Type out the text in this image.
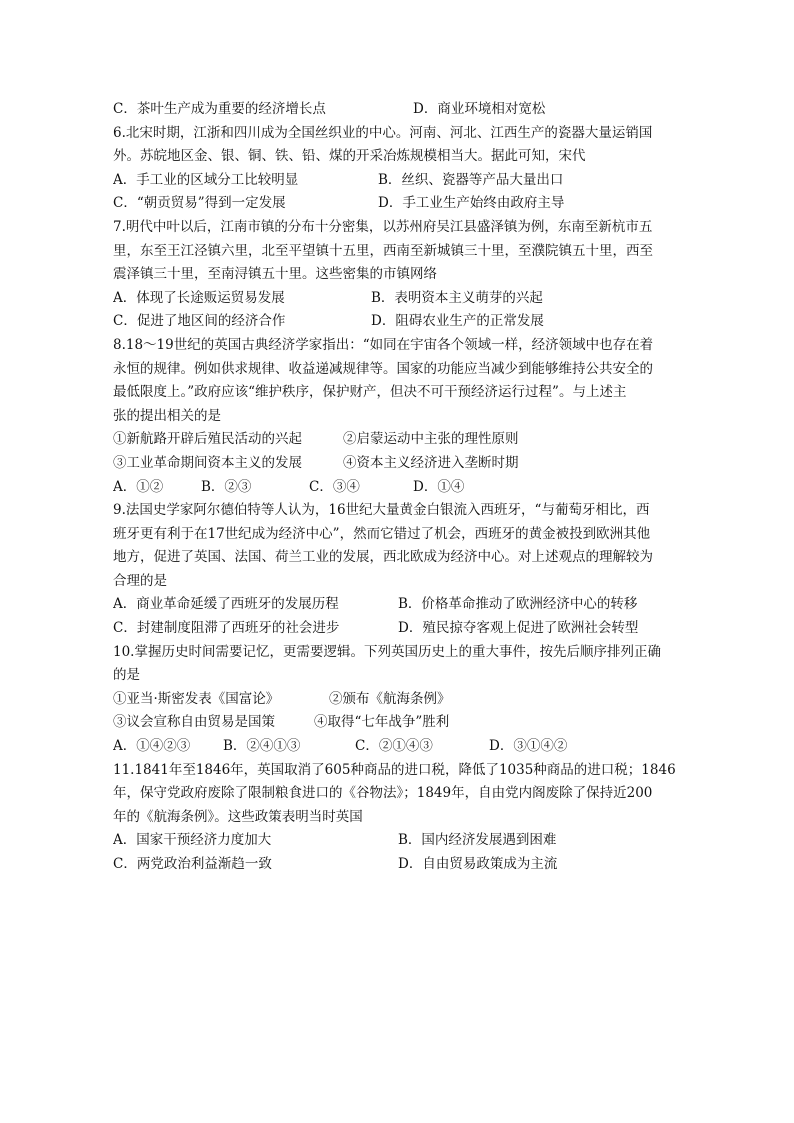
C．茶叶生产成为重要的经济增长点	D．商业环境相对宽松
6.北宋时期，江浙和四川成为全国丝织业的中心。河南、河北、江西生产的瓷器大量运销国
外。苏皖地区金、银、铜、铁、铅、煤的开采冶炼规模相当大。据此可知，宋代
A．手工业的区域分工比较明显	B．丝织、瓷器等产品大量出口
C．“朝贡贸易”得到一定发展	D．手工业生产始终由政府主导
7.明代中叶以后，江南市镇的分布十分密集，以苏州府吴江县盛泽镇为例，东南至新杭市五
里，东至王江泾镇六里，北至平望镇十五里，西南至新城镇三十里，至濮院镇五十里，西至
震泽镇三十里，至南浔镇五十里。这些密集的市镇网络
A．体现了长途贩运贸易发展	B．表明资本主义萌芽的兴起
C．促进了地区间的经济合作	D．阻碍农业生产的正常发展
8.18～19世纪的英国古典经济学家指出：“如同在宇宙各个领域一样，经济领域中也存在着
永恒的规律。例如供求规律、收益递减规律等。国家的功能应当减少到能够维持公共安全的
最低限度上。”政府应该“维护秩序，保护财产，但决不可干预经济运行过程”。与上述主
张的提出相关的是
①新航路开辟后殖民活动的兴起	②启蒙运动中主张的理性原则
③工业革命期间资本主义的发展	④资本主义经济进入垄断时期
A．①②	B．②③	C．③④	D．①④
9.法国史学家阿尔德伯特等人认为，16世纪大量黄金白银流入西班牙，“与葡萄牙相比，西
班牙更有利于在17世纪成为经济中心”，然而它错过了机会，西班牙的黄金被投到欧洲其他
地方，促进了英国、法国、荷兰工业的发展，西北欧成为经济中心。对上述观点的理解较为
合理的是
A．商业革命延缓了西班牙的发展历程	B．价格革命推动了欧洲经济中心的转移
C．封建制度阻滞了西班牙的社会进步	D．殖民掠夺客观上促进了欧洲社会转型
10.掌握历史时间需要记忆，更需要逻辑。下列英国历史上的重大事件，按先后顺序排列正确
的是
①亚当·斯密发表《国富论》	②颁布《航海条例》
③议会宣称自由贸易是国策	④取得“七年战争”胜利
A．①④②③ B．②④①③	C．②①④③	D．③①④②
11.1841年至1846年，英国取消了605种商品的进口税，降低了1035种商品的进口税；1846
年，保守党政府废除了限制粮食进口的《谷物法》；1849年，自由党内阁废除了保持近200
年的《航海条例》。这些政策表明当时英国
A．国家干预经济力度加大	B．国内经济发展遇到困难
C．两党政治利益渐趋一致	D．自由贸易政策成为主流
